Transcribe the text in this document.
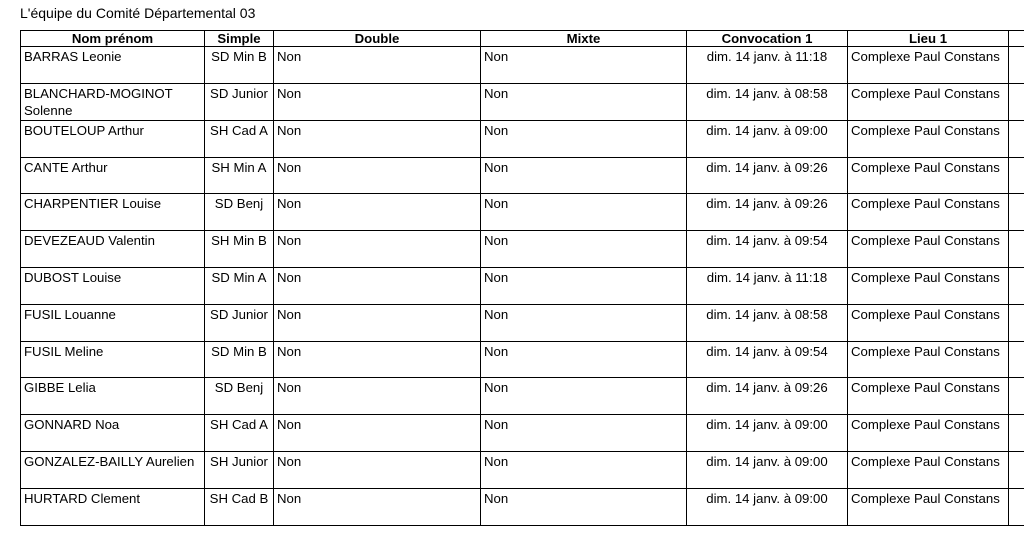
L'équipe du Comité Départemental 03
Nom prénom	Simple	Double	Mixte	Convocation 1	Lieu 1	
BARRAS Leonie	SD Min B	Non	Non	dim. 14 janv. à 11:18	Complexe Paul Constans	
BLANCHARD-MOGINOT Solenne	SD Junior	Non	Non	dim. 14 janv. à 08:58	Complexe Paul Constans	
BOUTELOUP Arthur	SH Cad A	Non	Non	dim. 14 janv. à 09:00	Complexe Paul Constans	
CANTE Arthur	SH Min A	Non	Non	dim. 14 janv. à 09:26	Complexe Paul Constans	
CHARPENTIER Louise	SD Benj	Non	Non	dim. 14 janv. à 09:26	Complexe Paul Constans	
DEVEZEAUD Valentin	SH Min B	Non	Non	dim. 14 janv. à 09:54	Complexe Paul Constans	
DUBOST Louise	SD Min A	Non	Non	dim. 14 janv. à 11:18	Complexe Paul Constans	
FUSIL Louanne	SD Junior	Non	Non	dim. 14 janv. à 08:58	Complexe Paul Constans	
FUSIL Meline	SD Min B	Non	Non	dim. 14 janv. à 09:54	Complexe Paul Constans	
GIBBE Lelia	SD Benj	Non	Non	dim. 14 janv. à 09:26	Complexe Paul Constans	
GONNARD Noa	SH Cad A	Non	Non	dim. 14 janv. à 09:00	Complexe Paul Constans	
GONZALEZ-BAILLY Aurelien	SH Junior	Non	Non	dim. 14 janv. à 09:00	Complexe Paul Constans	
HURTARD Clement	SH Cad B	Non	Non	dim. 14 janv. à 09:00	Complexe Paul Constans	
